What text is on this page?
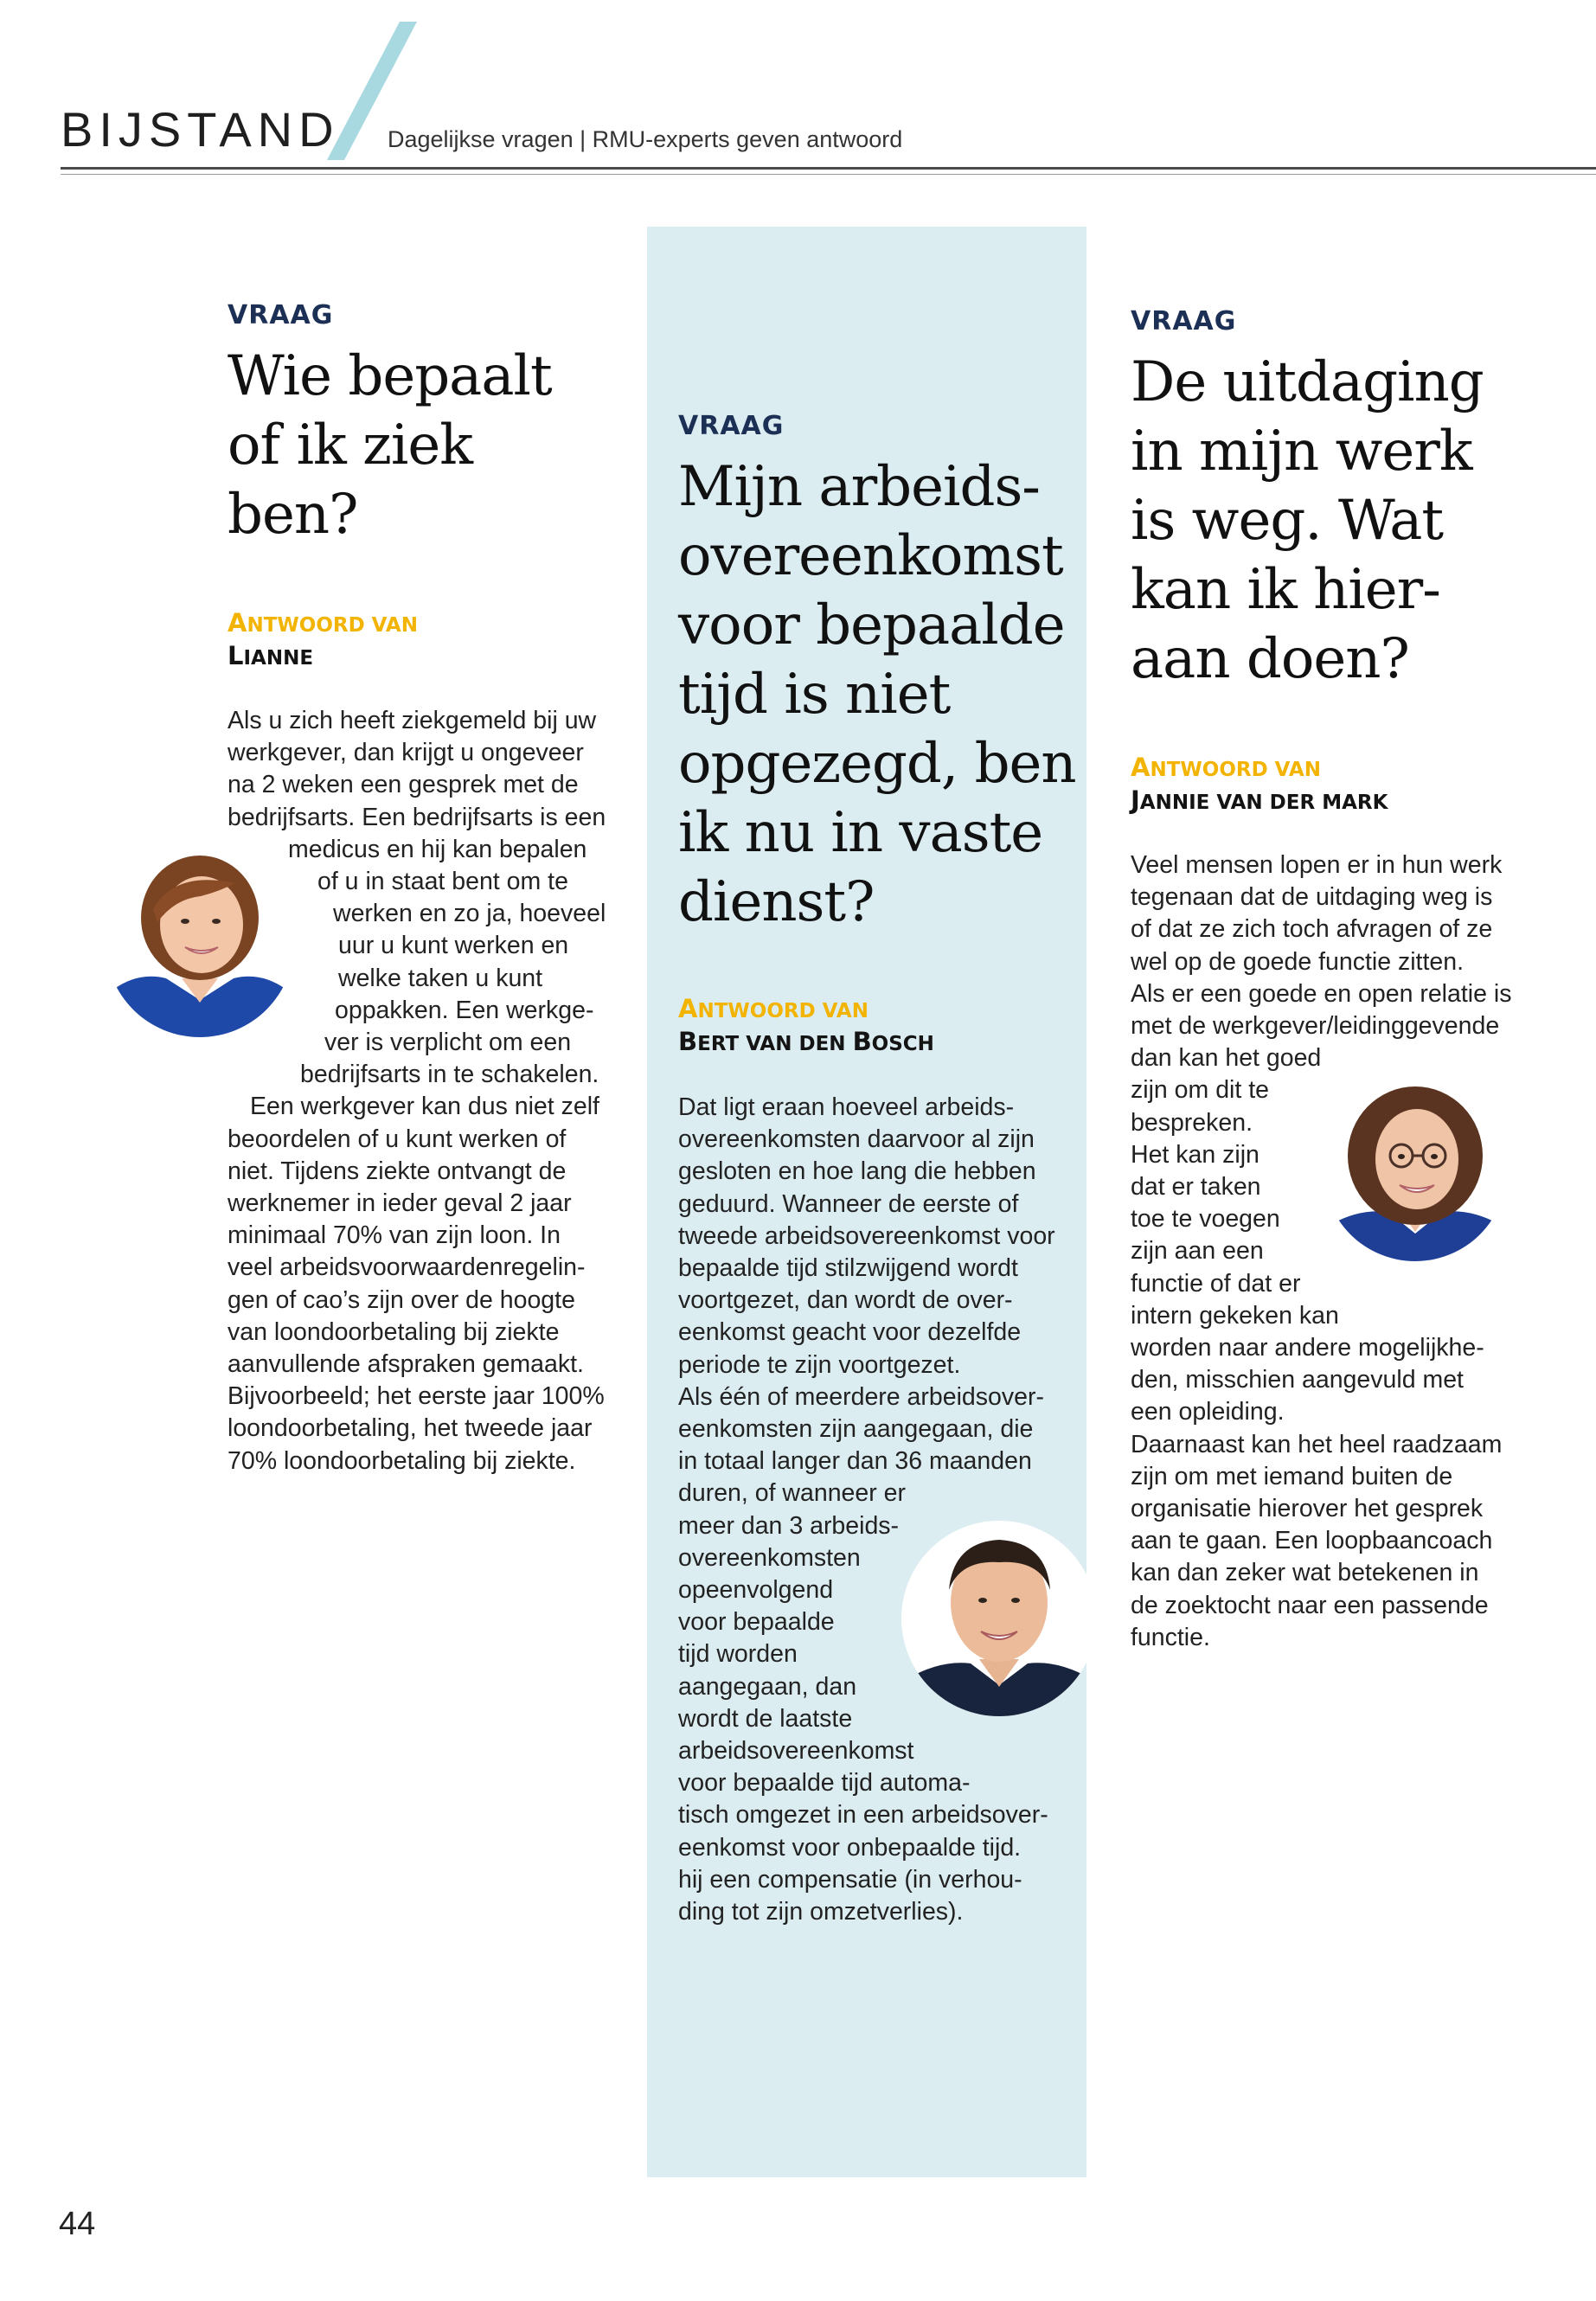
BIJSTAND Dagelijkse vragen | RMU-experts geven antwoord
VRAAG
Wie bepaalt
of ik ziek
ben?
ANTWOORD VAN
LIANNE
Als u zich heeft ziekgemeld bij uw
werkgever, dan krijgt u ongeveer
na 2 weken een gesprek met de
bedrijfsarts. Een bedrijfsarts is een
medicus en hij kan bepalen
of u in staat bent om te
werken en zo ja, hoeveel
uur u kunt werken en
welke taken u kunt
oppakken. Een werkge-
ver is verplicht om een
bedrijfsarts in te schakelen.
Een werkgever kan dus niet zelf
beoordelen of u kunt werken of
niet. Tijdens ziekte ontvangt de
werknemer in ieder geval 2 jaar
minimaal 70% van zijn loon. In
veel arbeidsvoorwaardenregelin-
gen of cao’s zijn over de hoogte
van loondoorbetaling bij ziekte
aanvullende afspraken gemaakt.
Bijvoorbeeld; het eerste jaar 100%
loondoorbetaling, het tweede jaar
70% loondoorbetaling bij ziekte.
VRAAG
Mijn arbeids-
overeenkomst
voor bepaalde
tijd is niet
opgezegd, ben
ik nu in vaste
dienst?
ANTWOORD VAN
BERT VAN DEN BOSCH
Dat ligt eraan hoeveel arbeids-
overeenkomsten daarvoor al zijn
gesloten en hoe lang die hebben
geduurd. Wanneer de eerste of
tweede arbeidsovereenkomst voor
bepaalde tijd stilzwijgend wordt
voortgezet, dan wordt de over-
eenkomst geacht voor dezelfde
periode te zijn voortgezet.
Als één of meerdere arbeidsover-
eenkomsten zijn aangegaan, die
in totaal langer dan 36 maanden
duren, of wanneer er
meer dan 3 arbeids-
overeenkomsten
opeenvolgend
voor bepaalde
tijd worden
aangegaan, dan
wordt de laatste
arbeidsovereenkomst
voor bepaalde tijd automa-
tisch omgezet in een arbeidsover-
eenkomst voor onbepaalde tijd.
hij een compensatie (in verhou-
ding tot zijn omzetverlies).
VRAAG
De uitdaging
in mijn werk
is weg. Wat
kan ik hier-
aan doen?
ANTWOORD VAN
JANNIE VAN DER MARK
Veel mensen lopen er in hun werk
tegenaan dat de uitdaging weg is
of dat ze zich toch afvragen of ze
wel op de goede functie zitten.
Als er een goede en open relatie is
met de werkgever/leidinggevende
dan kan het goed
zijn om dit te
bespreken.
Het kan zijn
dat er taken
toe te voegen
zijn aan een
functie of dat er
intern gekeken kan
worden naar andere mogelijkhe-
den, misschien aangevuld met
een opleiding.
Daarnaast kan het heel raadzaam
zijn om met iemand buiten de
organisatie hierover het gesprek
aan te gaan. Een loopbaancoach
kan dan zeker wat betekenen in
de zoektocht naar een passende
functie.
44
